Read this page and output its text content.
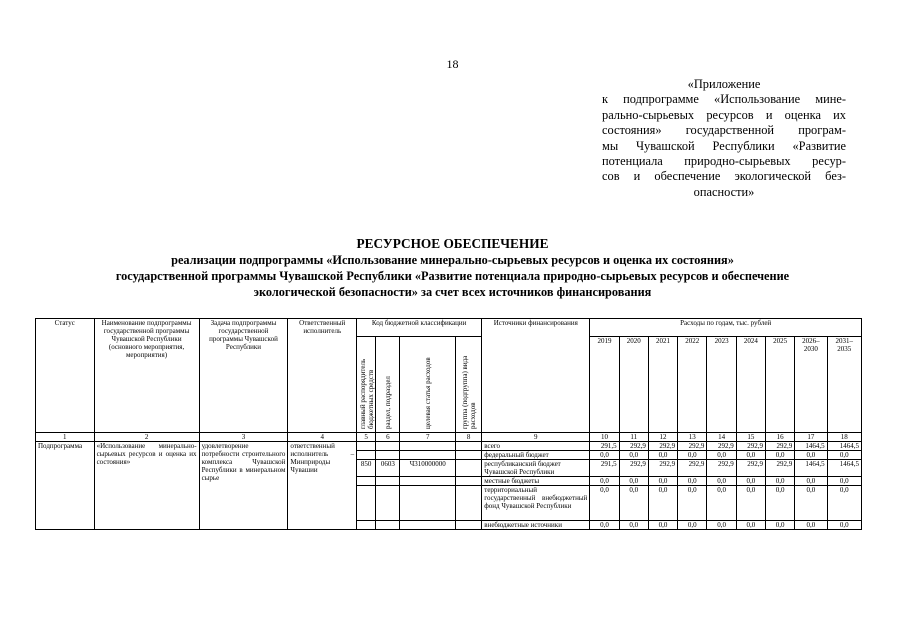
18
«Приложение
к подпрограмме «Использование мине-
рально-сырьевых ресурсов и оценка их
состояния» государственной програм-
мы Чувашской Республики «Развитие
потенциала природно-сырьевых ресур-
сов и обеспечение экологической без-
опасности»
РЕСУРСНОЕ ОБЕСПЕЧЕНИЕ
реализации подпрограммы «Использование минерально-сырьевых ресурсов и оценка их состояния»
государственной программы Чувашской Республики «Развитие потенциала природно-сырьевых ресурсов и обеспечение
экологической безопасности» за счет всех источников финансирования
Статус	Наименование подпрограммы государственной программы Чувашской Республики (основного мероприятия, мероприятия)	Задача подпрограммы государственной программы Чувашской Республики	Ответственный исполнитель	Код бюджетной классификации				Источники финансирования	Расходы по годам, тыс. рублей								
				главный распорядитель бюджетных средств	раздел, подраздел	целевая статья расходов	группа (подгруппа) вида расходов		2019	2020	2021	2022	2023	2024	2025	2026–2030	2031–2035
1	2	3	4	5	6	7	8	9	10	11	12	13	14	15	16	17	18
Подпрограмма	«Использование минерально-сырьевых ресурсов и оценка их состояния»	удовлетворение потребности строительного комплекса Чувашской Республики в минеральном сырье	ответственный исполнитель – Минприроды Чувашии					всего	291,5	292,9	292,9	292,9	292,9	292,9	292,9	1464,5	1464,5
								федеральный бюджет	0,0	0,0	0,0	0,0	0,0	0,0	0,0	0,0	0,0
				850	0603	Ч310000000		республиканский бюджет Чувашской Республики	291,5	292,9	292,9	292,9	292,9	292,9	292,9	1464,5	1464,5
								местные бюджеты	0,0	0,0	0,0	0,0	0,0	0,0	0,0	0,0	0,0
								территориальный государственный внебюджетный фонд Чувашской Республики	0,0	0,0	0,0	0,0	0,0	0,0	0,0	0,0	0,0
								внебюджетные источники	0,0	0,0	0,0	0,0	0,0	0,0	0,0	0,0	0,0
